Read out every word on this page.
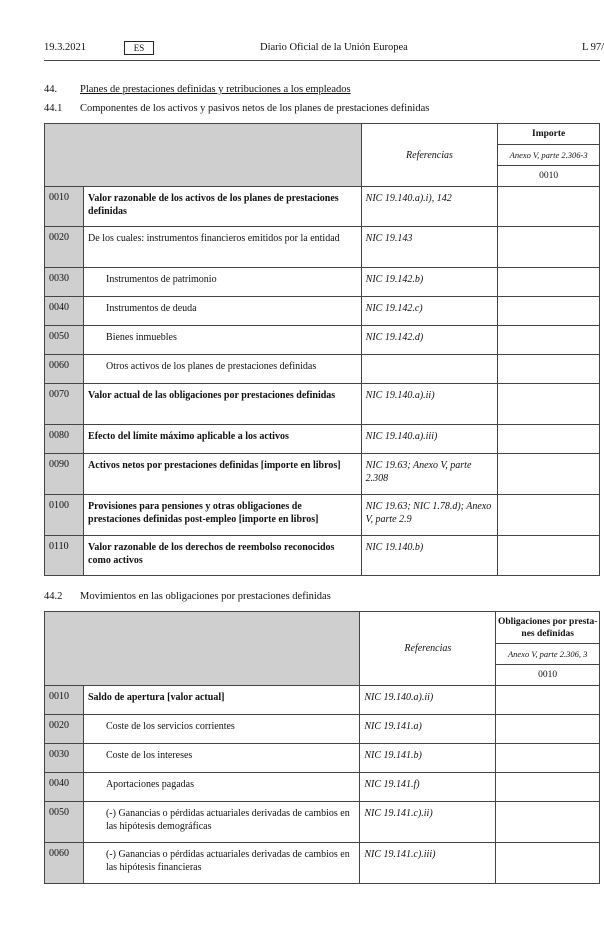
19.3.2021	ES	Diario Oficial de la Unión Europea	L 97/
44. Planes de prestaciones definidas y retribuciones a los empleados
44.1 Componentes de los activos y pasivos netos de los planes de prestaciones definidas
		Referencias	Importe
			Anexo V, parte 2.306-3
			0010
0010	Valor razonable de los activos de los planes de prestaciones definidas	NIC 19.140.a).i), 142	
0020	De los cuales: instrumentos financieros emitidos por la entidad	NIC 19.143	
0030	Instrumentos de patrimonio	NIC 19.142.b)	
0040	Instrumentos de deuda	NIC 19.142.c)	
0050	Bienes inmuebles	NIC 19.142.d)	
0060	Otros activos de los planes de prestaciones definidas		
0070	Valor actual de las obligaciones por prestaciones definidas	NIC 19.140.a).ii)	
0080	Efecto del límite máximo aplicable a los activos	NIC 19.140.a).iii)	
0090	Activos netos por prestaciones definidas [importe en libros]	NIC 19.63; Anexo V, parte 2.308	
0100	Provisiones para pensiones y otras obligaciones de prestaciones definidas post-empleo [importe en libros]	NIC 19.63; NIC 1.78.d); Anexo V, parte 2.9	
0110	Valor razonable de los derechos de reembolso reconocidos como activos	NIC 19.140.b)	
		Referencias	Obligaciones por presta-
nes definidas
			Anexo V, parte 2.306, 3
			0010
0010	Saldo de apertura [valor actual]	NIC 19.140.a).ii)	
0020	Coste de los servicios corrientes	NIC 19.141.a)	
0030	Coste de los intereses	NIC 19.141.b)	
0040	Aportaciones pagadas	NIC 19.141.f)	
0050	(-) Ganancias o pérdidas actuariales derivadas de cambios en las hipótesis demográficas	NIC 19.141.c).ii)	
0060	(-) Ganancias o pérdidas actuariales derivadas de cambios en las hipótesis financieras	NIC 19.141.c).iii)	
44.2 Movimientos en las obligaciones por prestaciones definidas
